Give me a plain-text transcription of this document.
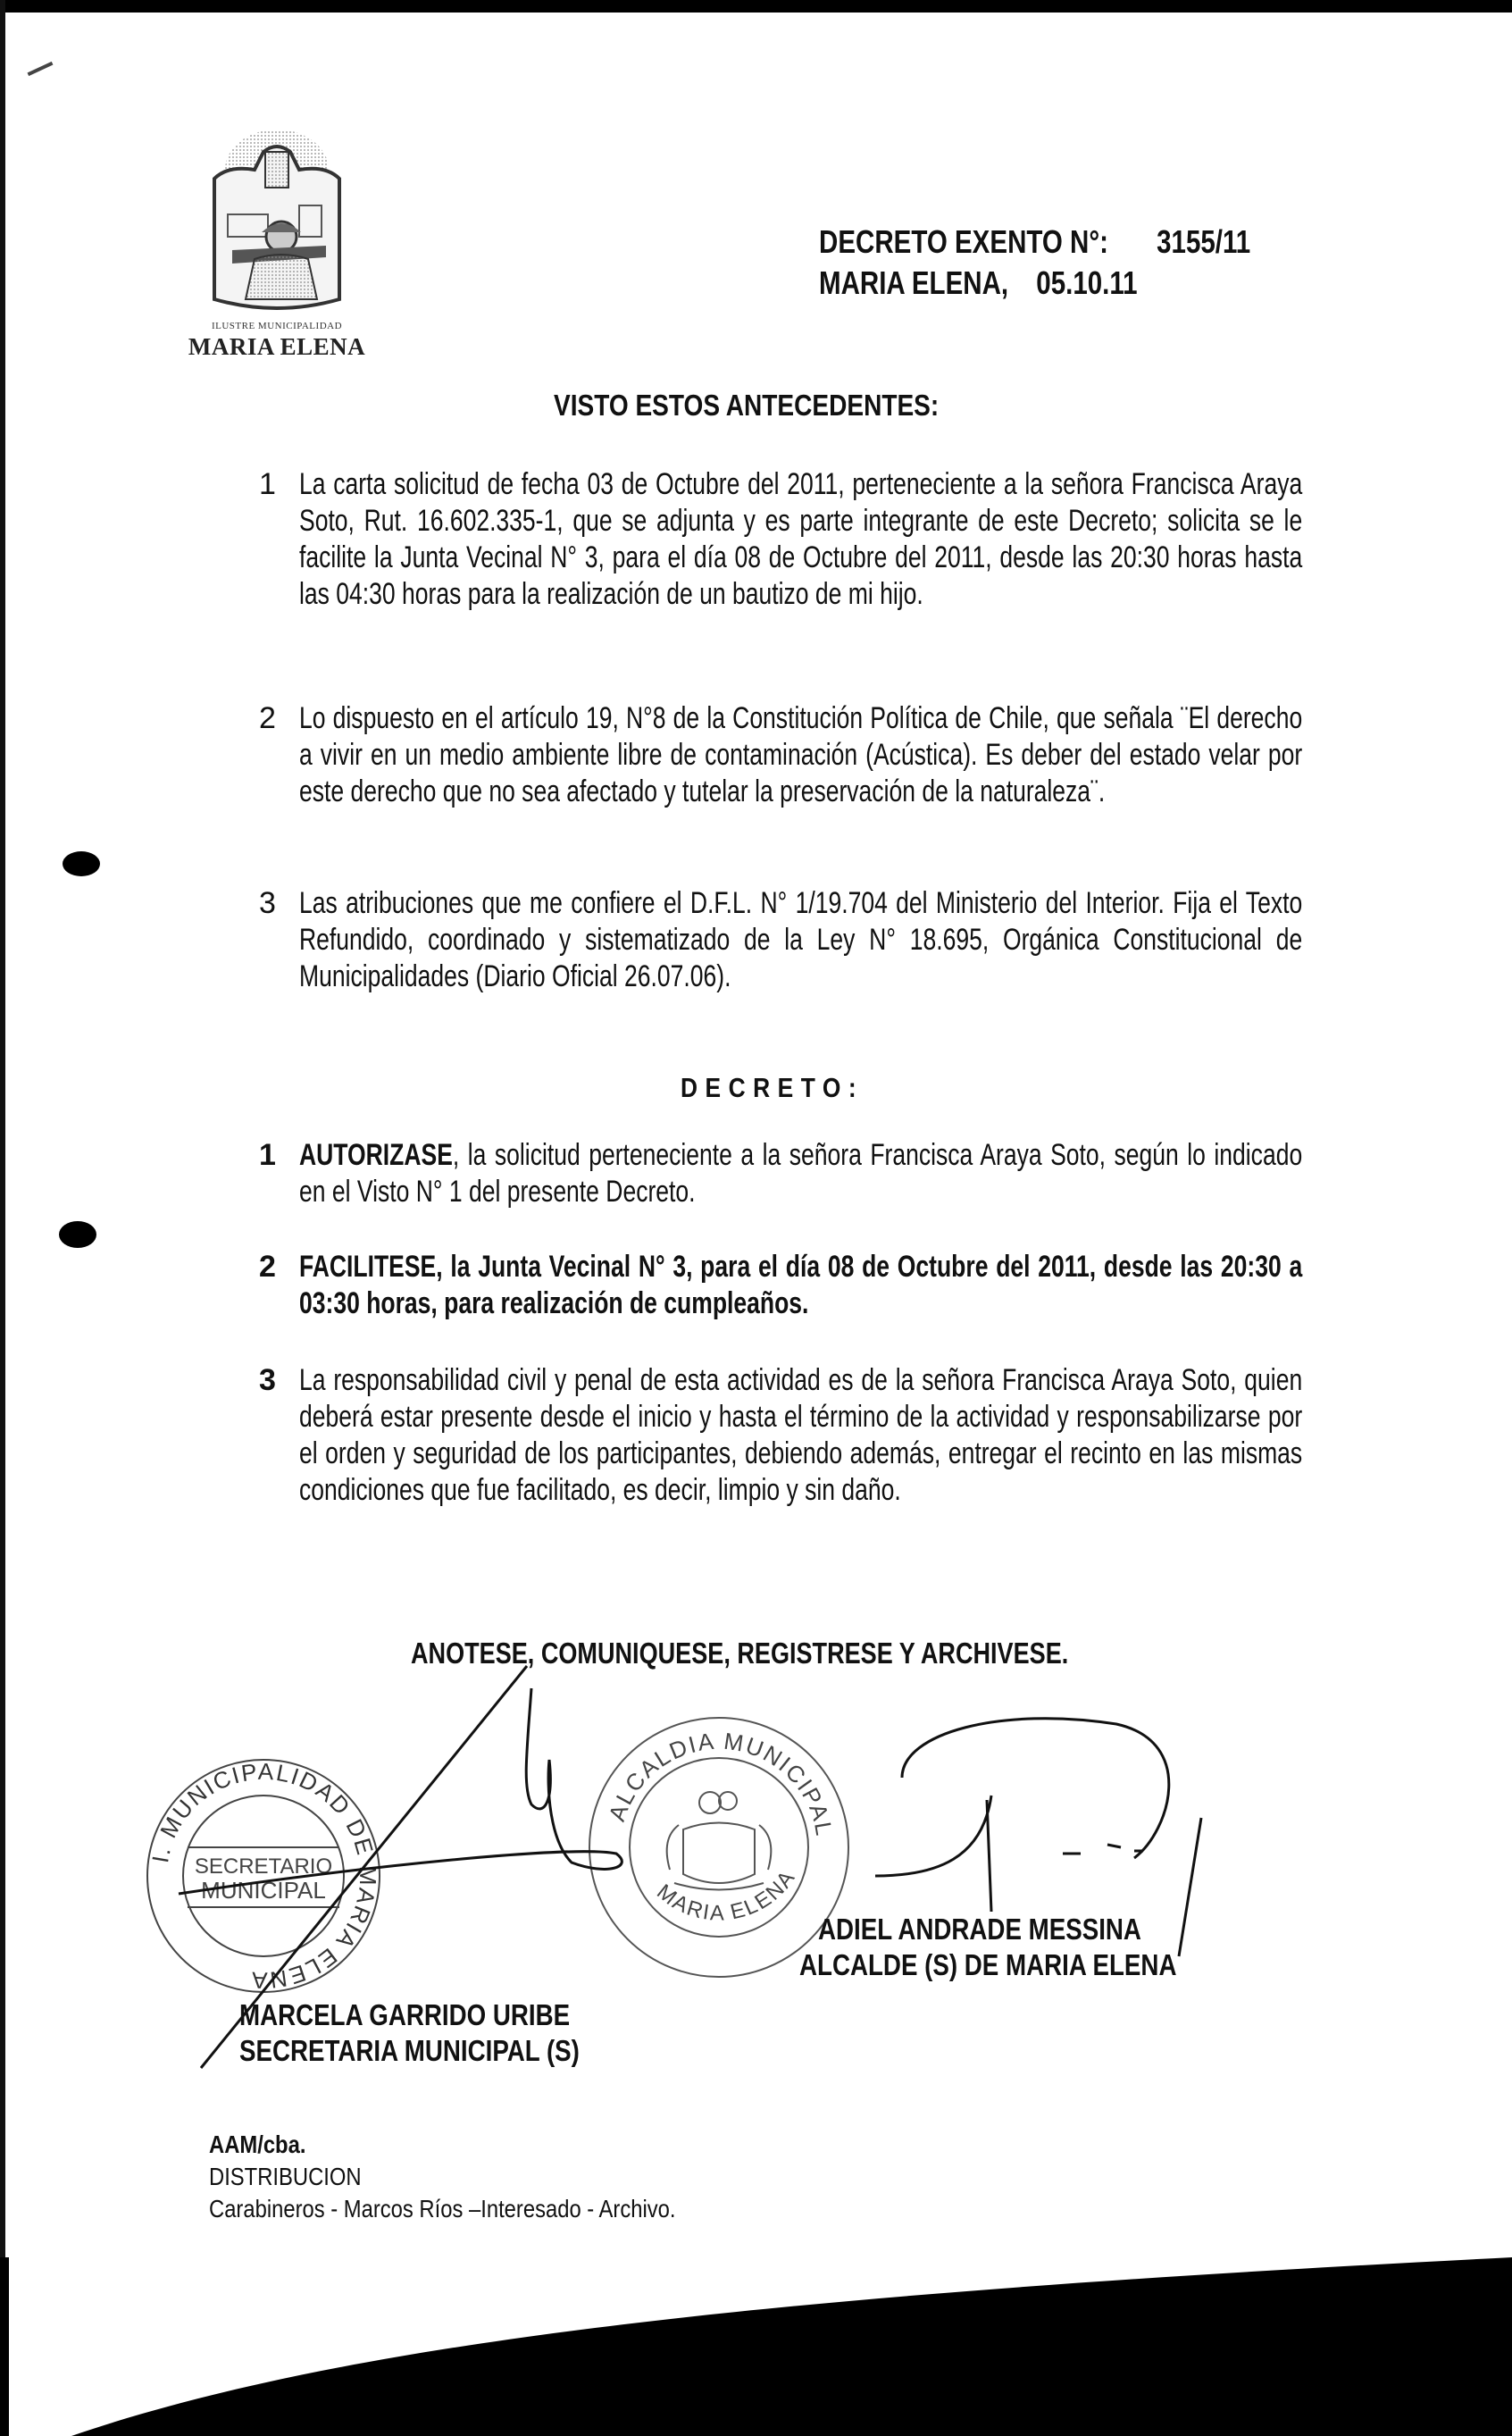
ILUSTRE MUNICIPALIDAD
MARIA ELENA
DECRETO EXENTO N°: 3155/11
MARIA ELENA, 05.10.11
VISTO ESTOS ANTECEDENTES:
1 La carta solicitud de fecha 03 de Octubre del 2011, perteneciente a la señora Francisca Araya Soto, Rut. 16.602.335-1, que se adjunta y es parte integrante de este Decreto; solicita se le facilite la Junta Vecinal N° 3, para el día 08 de Octubre del 2011, desde las 20:30 horas hasta las 04:30 horas para la realización de un bautizo de mi hijo.
2 Lo dispuesto en el artículo 19, N°8 de la Constitución Política de Chile, que señala ¨El derecho a vivir en un medio ambiente libre de contaminación (Acústica). Es deber del estado velar por este derecho que no sea afectado y tutelar la preservación de la naturaleza¨.
3 Las atribuciones que me confiere el D.F.L. N° 1/19.704 del Ministerio del Interior. Fija el Texto Refundido, coordinado y sistematizado de la Ley N° 18.695, Orgánica Constitucional de Municipalidades (Diario Oficial 26.07.06).
DECRETO:
1 AUTORIZASE, la solicitud perteneciente a la señora Francisca Araya Soto, según lo indicado en el Visto N° 1 del presente Decreto.
2 FACILITESE, la Junta Vecinal N° 3, para el día 08 de Octubre del 2011, desde las 20:30 a 03:30 horas, para realización de cumpleaños.
3 La responsabilidad civil y penal de esta actividad es de la señora Francisca Araya Soto, quien deberá estar presente desde el inicio y hasta el término de la actividad y responsabilizarse por el orden y seguridad de los participantes, debiendo además, entregar el recinto en las mismas condiciones que fue facilitado, es decir, limpio y sin daño.
ANOTESE, COMUNIQUESE, REGISTRESE Y ARCHIVESE.
I. MUNICIPALIDAD DE MARIA ELENA
SECRETARIO
MUNICIPAL
ALCALDIA MUNICIPAL
MARIA ELENA
MARCELA GARRIDO URIBE
SECRETARIA MUNICIPAL (S)
ADIEL ANDRADE MESSINA
ALCALDE (S) DE MARIA ELENA
AAM/cba.
DISTRIBUCION
Carabineros - Marcos Ríos –Interesado - Archivo.
